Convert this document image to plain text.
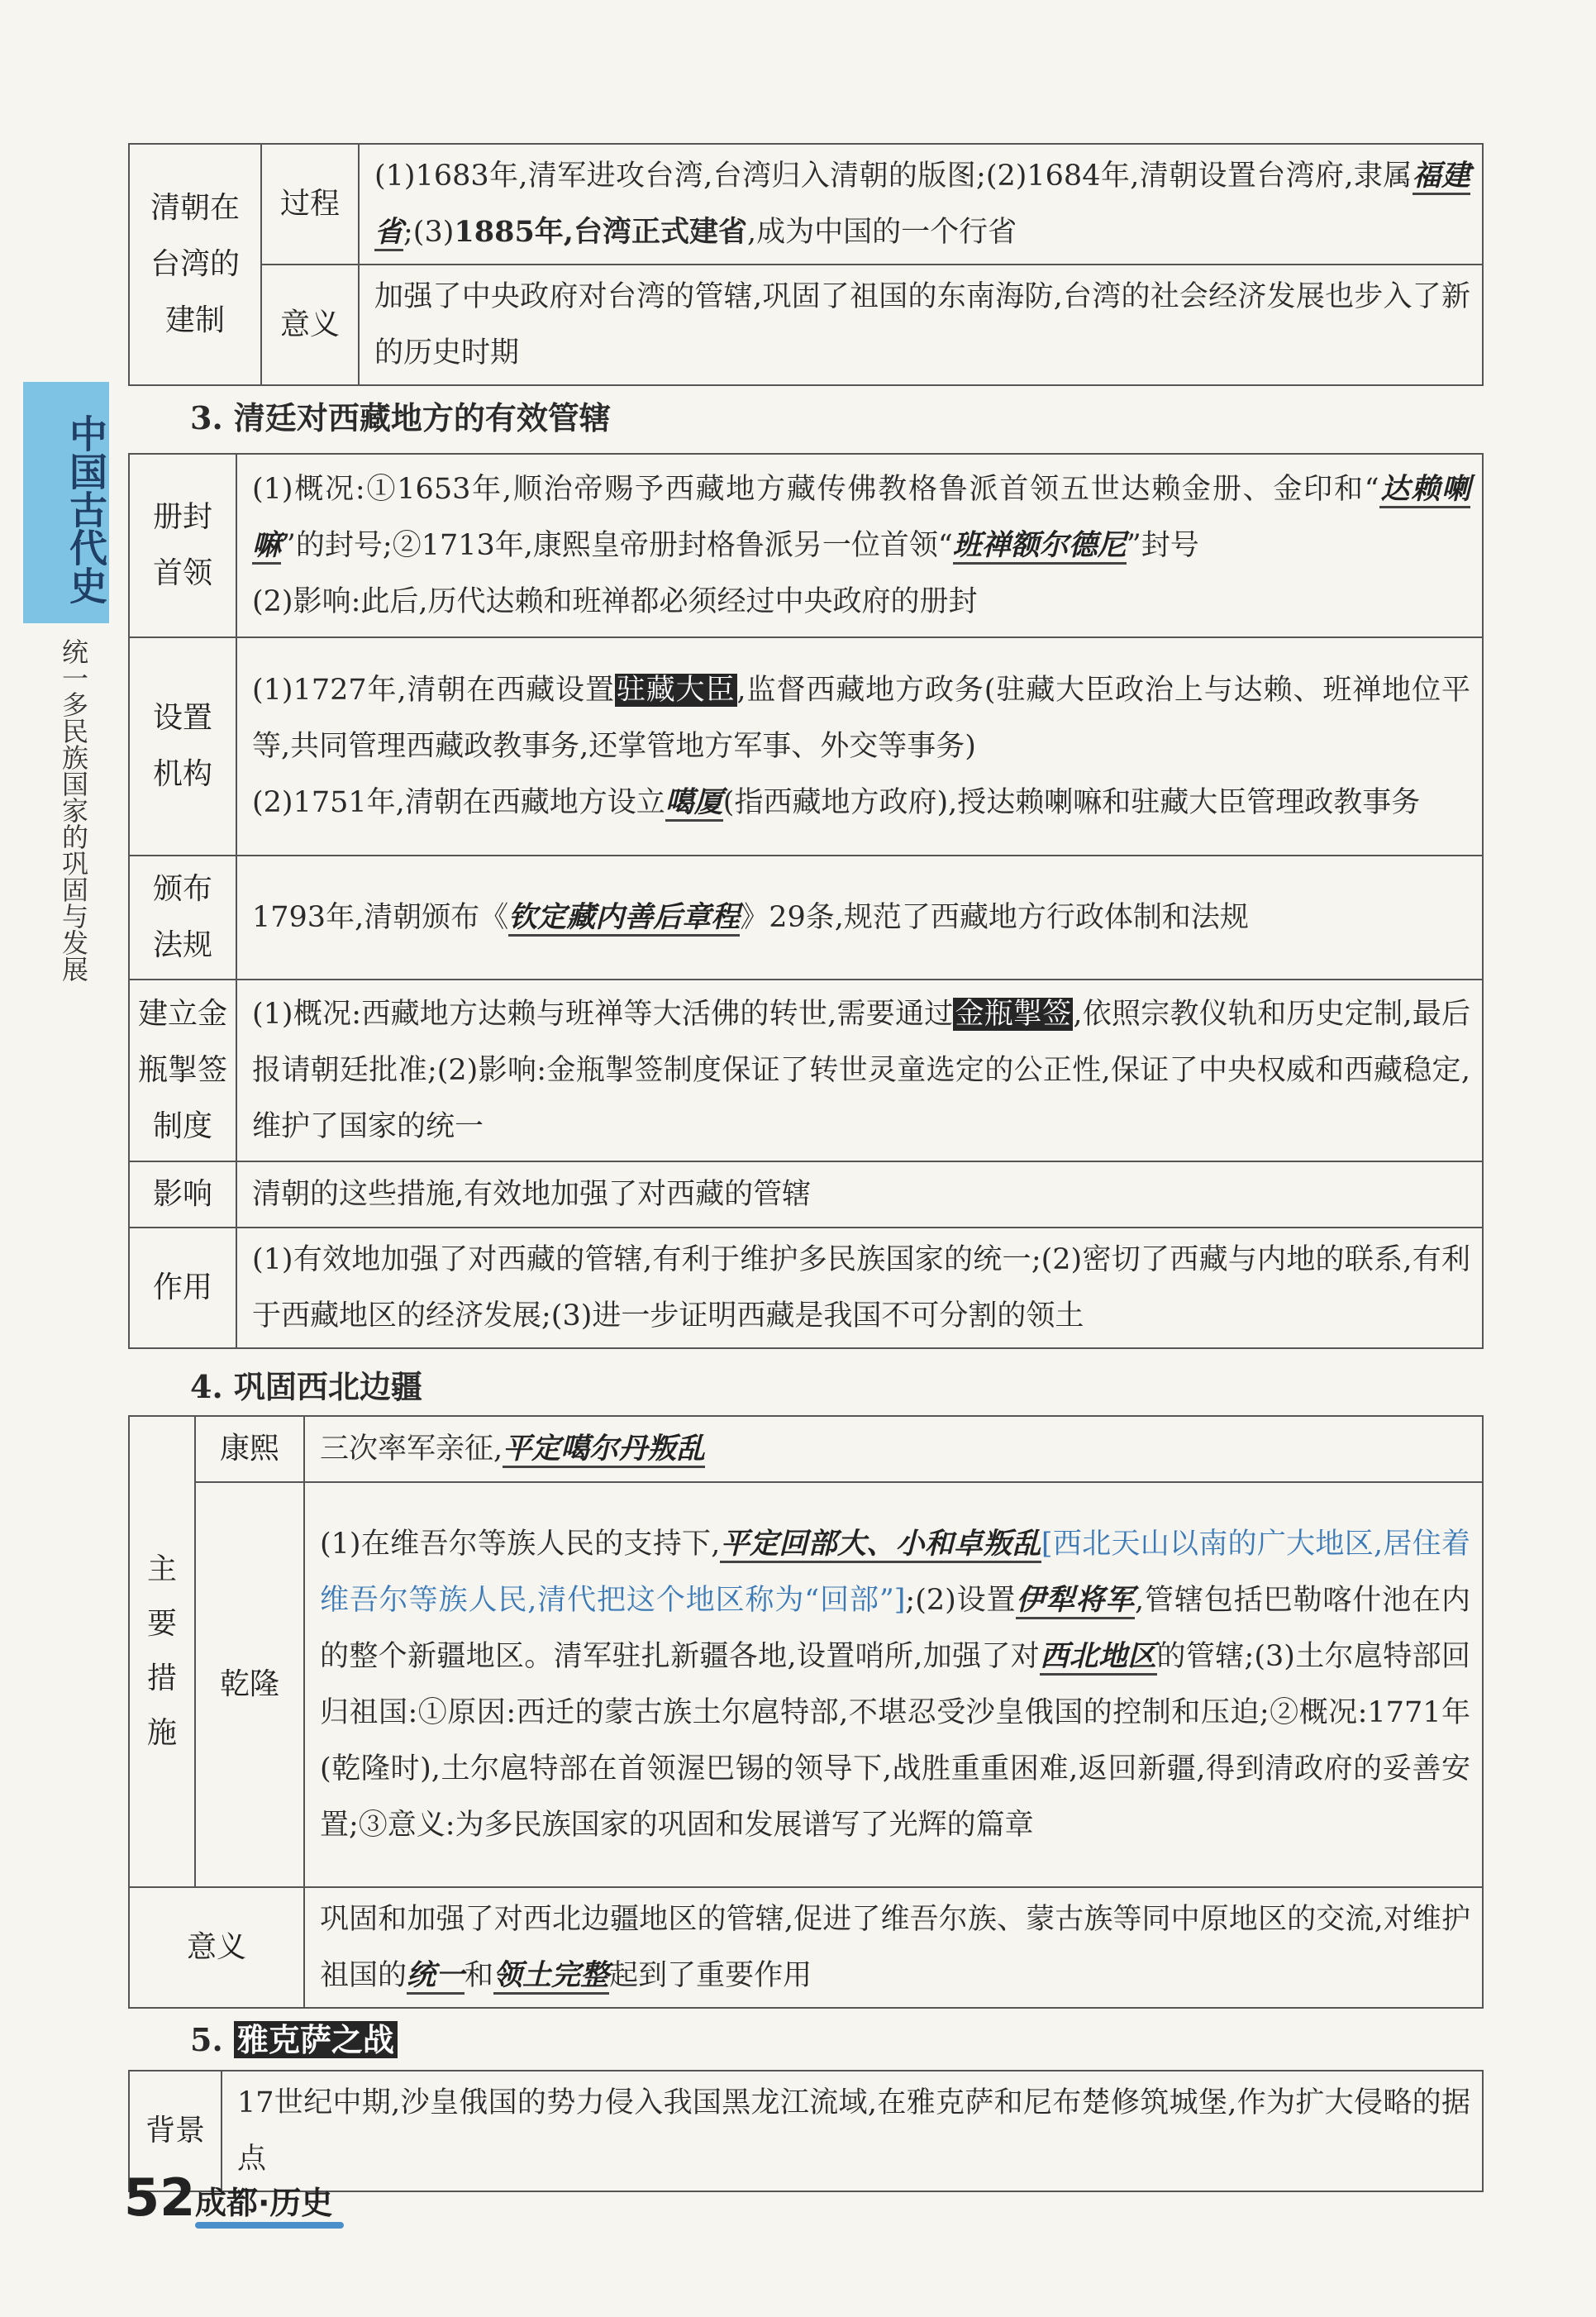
中国古代史
统一多民族国家的巩固与发展
清朝在台湾的建制	过程	(1)1683年,清军进攻台湾,台湾归入清朝的版图;(2)1684年,清朝设置台湾府,隶属福建省;(3)1885年,台湾正式建省,成为中国的一个行省
	意义	加强了中央政府对台湾的管辖,巩固了祖国的东南海防,台湾的社会经济发展也步入了新的历史时期
3. 清廷对西藏地方的有效管辖
册封首领	(1)概况:①1653年,顺治帝赐予西藏地方藏传佛教格鲁派首领五世达赖金册、金印和“达赖喇嘛”的封号;②1713年,康熙皇帝册封格鲁派另一位首领“班禅额尔德尼”封号
(2)影响:此后,历代达赖和班禅都必须经过中央政府的册封
设置机构	(1)1727年,清朝在西藏设置驻藏大臣,监督西藏地方政务(驻藏大臣政治上与达赖、班禅地位平等,共同管理西藏政教事务,还掌管地方军事、外交等事务)
(2)1751年,清朝在西藏地方设立噶厦(指西藏地方政府),授达赖喇嘛和驻藏大臣管理政教事务
颁布法规	1793年,清朝颁布《钦定藏内善后章程》29条,规范了西藏地方行政体制和法规
建立金瓶掣签制度	(1)概况:西藏地方达赖与班禅等大活佛的转世,需要通过金瓶掣签,依照宗教仪轨和历史定制,最后报请朝廷批准;(2)影响:金瓶掣签制度保证了转世灵童选定的公正性,保证了中央权威和西藏稳定,维护了国家的统一
影响	清朝的这些措施,有效地加强了对西藏的管辖
作用	(1)有效地加强了对西藏的管辖,有利于维护多民族国家的统一;(2)密切了西藏与内地的联系,有利于西藏地区的经济发展;(3)进一步证明西藏是我国不可分割的领土
4. 巩固西北边疆
主要措施	康熙	三次率军亲征,平定噶尔丹叛乱
	乾隆	(1)在维吾尔等族人民的支持下,平定回部大、小和卓叛乱[西北天山以南的广大地区,居住着维吾尔等族人民,清代把这个地区称为“回部”];(2)设置伊犁将军,管辖包括巴勒喀什池在内的整个新疆地区。清军驻扎新疆各地,设置哨所,加强了对西北地区的管辖;(3)土尔扈特部回归祖国:①原因:西迁的蒙古族土尔扈特部,不堪忍受沙皇俄国的控制和压迫;②概况:1771年(乾隆时),土尔扈特部在首领渥巴锡的领导下,战胜重重困难,返回新疆,得到清政府的妥善安置;③意义:为多民族国家的巩固和发展谱写了光辉的篇章
意义		巩固和加强了对西北边疆地区的管辖,促进了维吾尔族、蒙古族等同中原地区的交流,对维护祖国的统一和领土完整起到了重要作用
5. 雅克萨之战
背景	17世纪中期,沙皇俄国的势力侵入我国黑龙江流域,在雅克萨和尼布楚修筑城堡,作为扩大侵略的据点
52 成都·历史
